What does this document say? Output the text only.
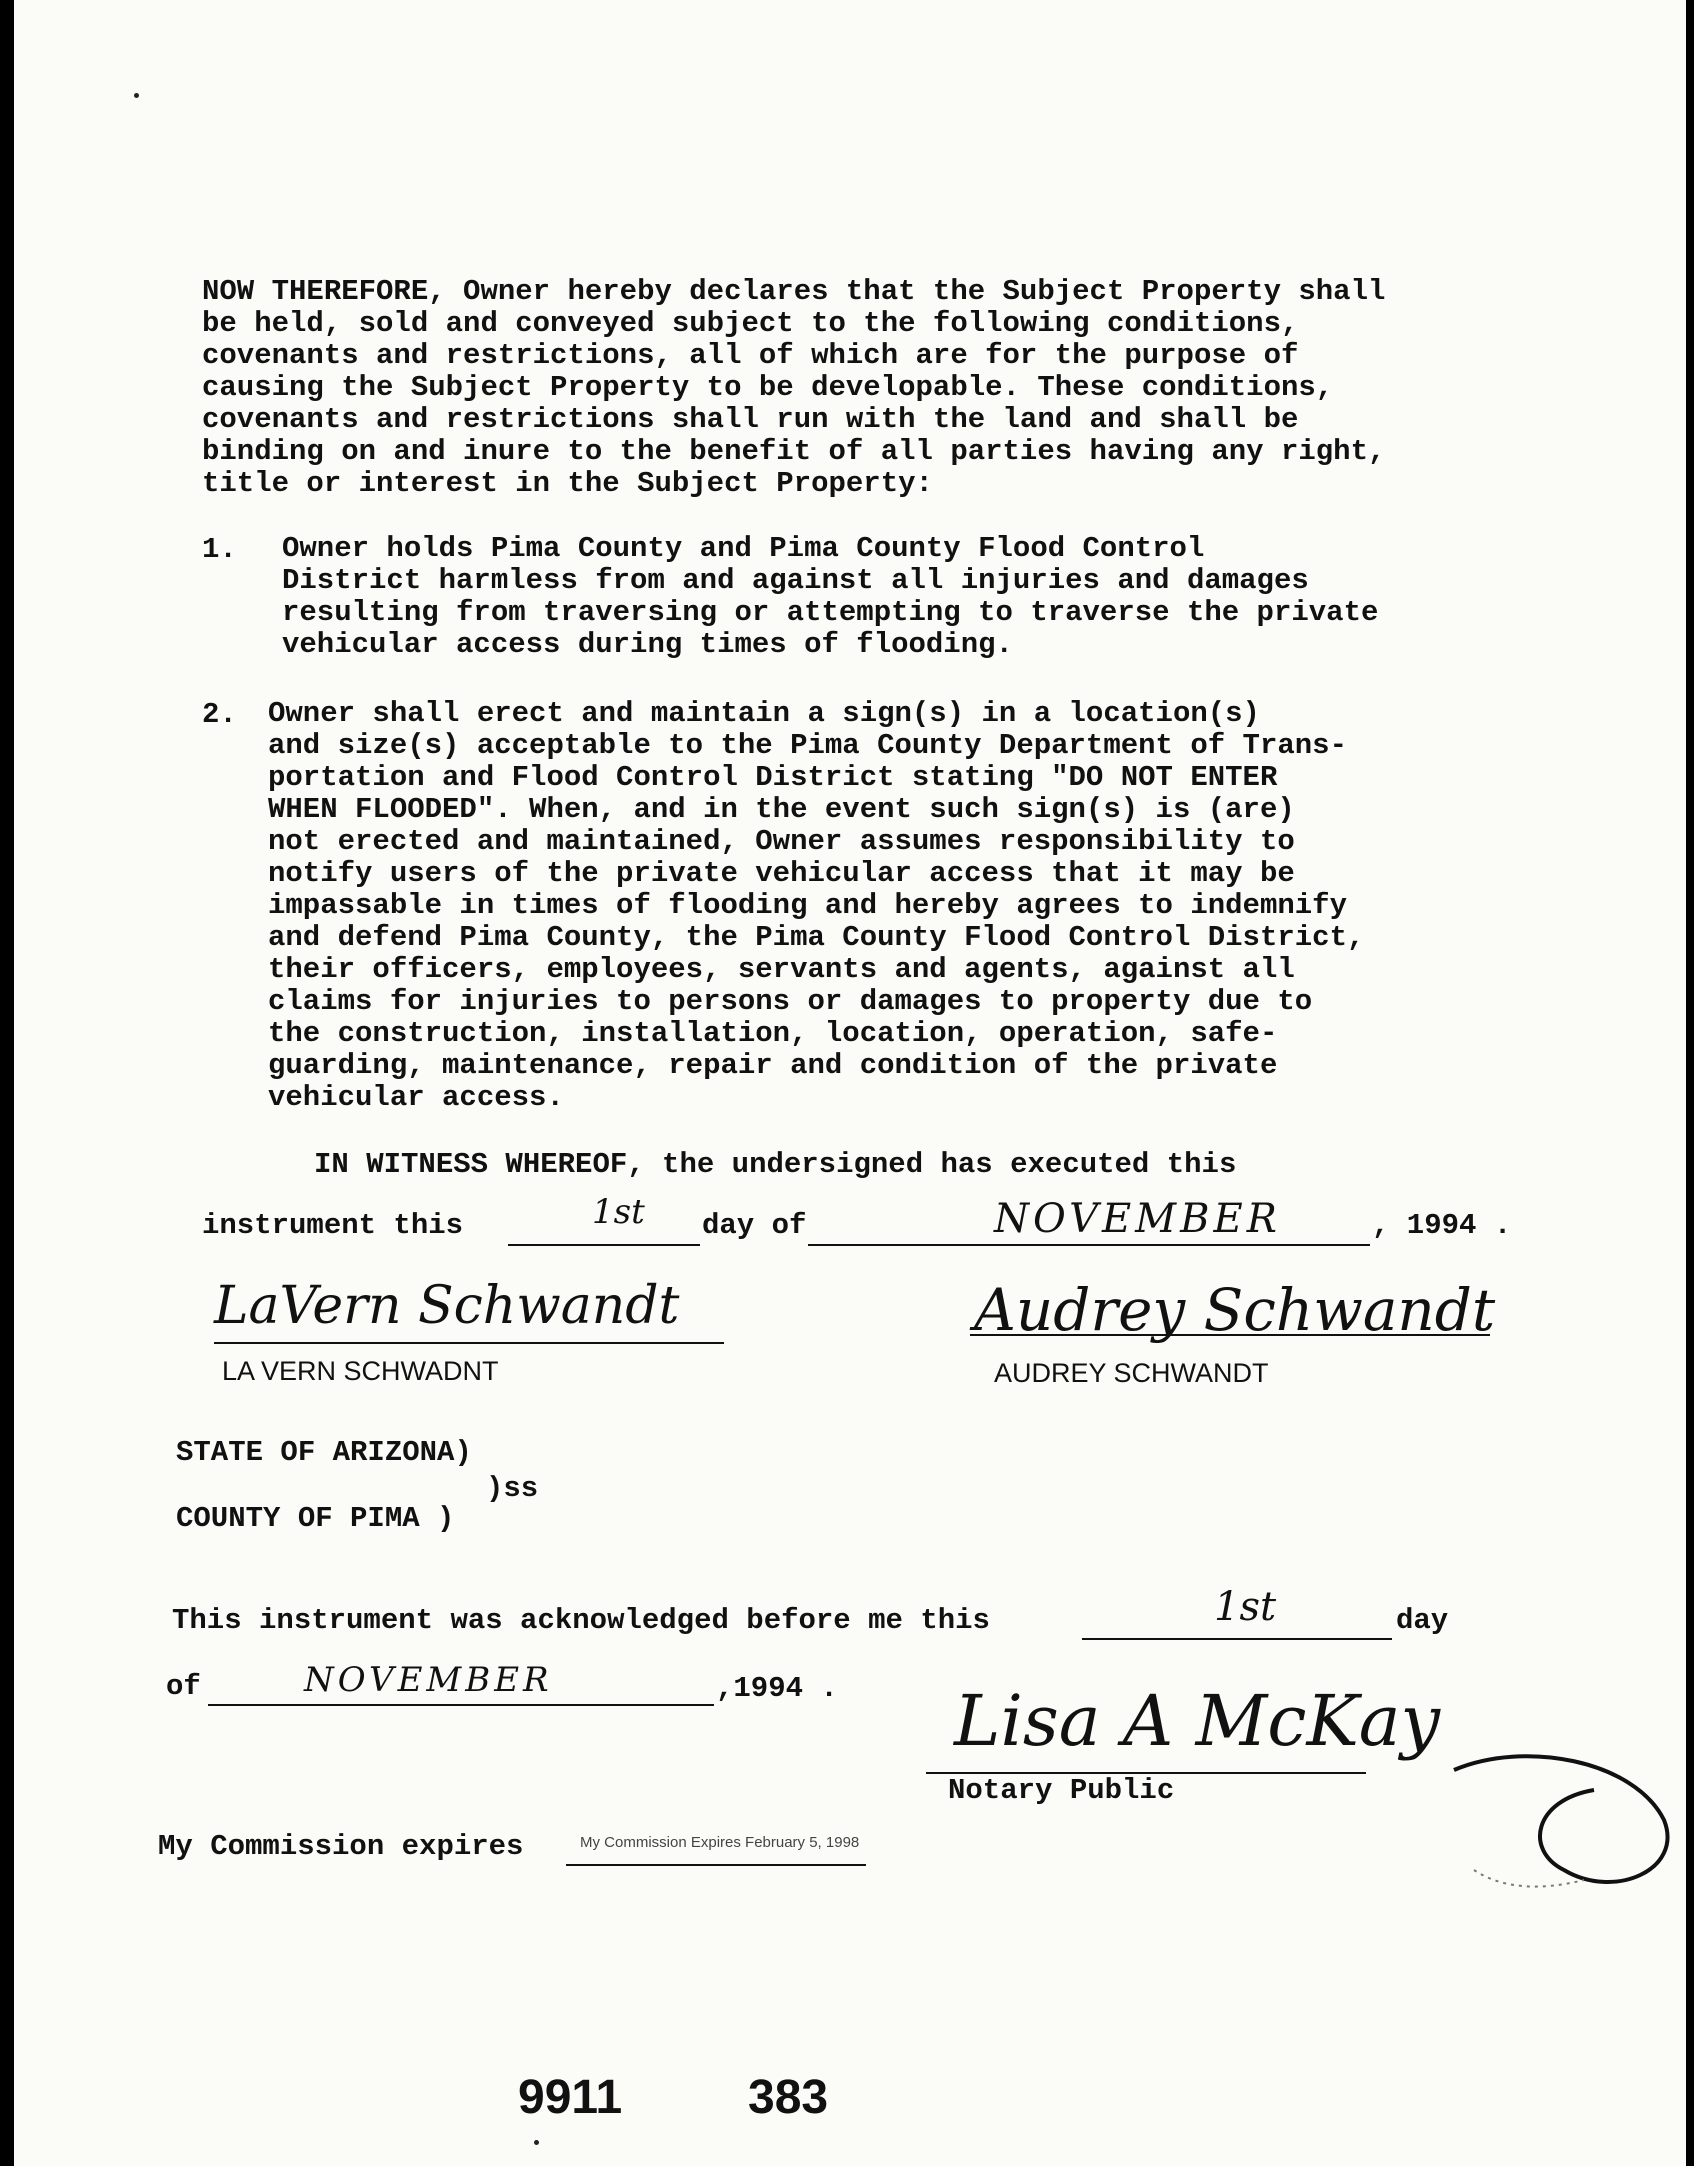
NOW THEREFORE, Owner hereby declares that the Subject Property shall
be held, sold and conveyed subject to the following conditions,
covenants and restrictions, all of which are for the purpose of
causing the Subject Property to be developable. These conditions,
covenants and restrictions shall run with the land and shall be
binding on and inure to the benefit of all parties having any right,
title or interest in the Subject Property:
1. Owner holds Pima County and Pima County Flood Control
District harmless from and against all injuries and damages
resulting from traversing or attempting to traverse the private
vehicular access during times of flooding.
2. Owner shall erect and maintain a sign(s) in a location(s)
and size(s) acceptable to the Pima County Department of Trans-
portation and Flood Control District stating "DO NOT ENTER
WHEN FLOODED". When, and in the event such sign(s) is (are)
not erected and maintained, Owner assumes responsibility to
notify users of the private vehicular access that it may be
impassable in times of flooding and hereby agrees to indemnify
and defend Pima County, the Pima County Flood Control District,
their officers, employees, servants and agents, against all
claims for injuries to persons or damages to property due to
the construction, installation, location, operation, safe-
guarding, maintenance, repair and condition of the private
vehicular access.
IN WITNESS WHEREOF, the undersigned has executed this
instrument this	1st day of	NOVEMBER	, 1994 .
LaVern Schwandt
LA VERN SCHWADNT
Audrey Schwandt
AUDREY SCHWANDT
STATE OF ARIZONA)
)ss
COUNTY OF PIMA )
This instrument was acknowledged before me this	1st	day
of	NOVEMBER	,1994 . Lisa A McKay
Notary Public
My Commission expires	My Commission Expires February 5, 1998
9911	383
